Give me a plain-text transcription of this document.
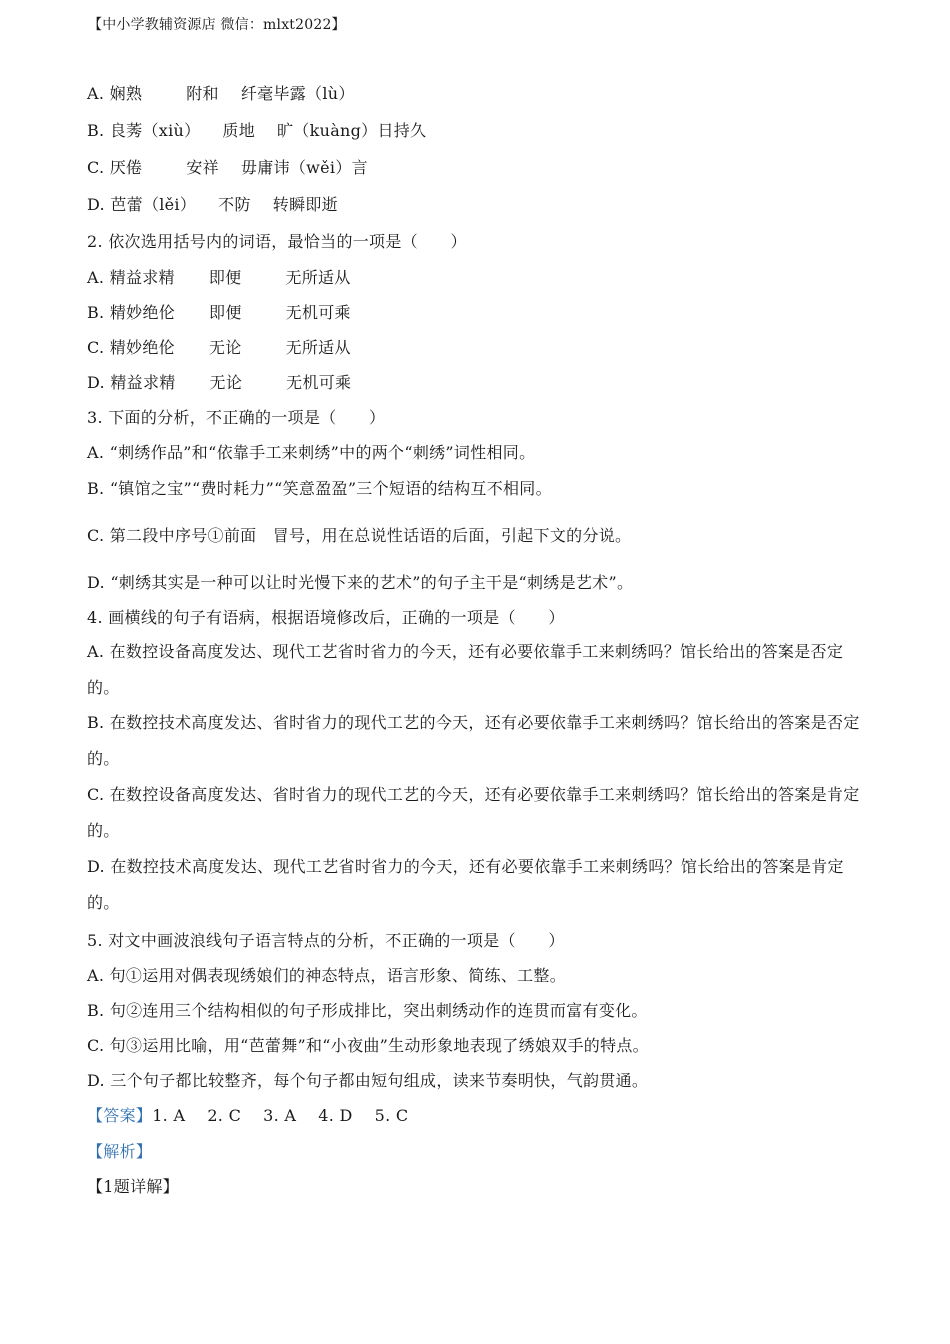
【中小学教辅资源店 微信：mlxt2022】
A. 娴熟	附和 纤毫毕露（lù）
B. 良莠（xiù） 质地 旷（kuàng）日持久
C. 厌倦	安祥 毋庸讳（wěi）言
D. 芭蕾（lěi） 不防 转瞬即逝
2. 依次选用括号内的词语，最恰当的一项是（　　）
A. 精益求精 即便	无所适从
B. 精妙绝伦 即便	无机可乘
C. 精妙绝伦 无论	无所适从
D. 精益求精 无论	无机可乘
3. 下面的分析，不正确的一项是（　　）
A. “刺绣作品”和“依靠手工来刺绣”中的两个“刺绣”词性相同。
B. “镇馆之宝”“费时耗力”“笑意盈盈”三个短语的结构互不相同。
C. 第二段中序号①前面　冒号，用在总说性话语的后面，引起下文的分说。
D. “刺绣其实是一种可以让时光慢下来的艺术”的句子主干是“刺绣是艺术”。
4. 画横线的句子有语病，根据语境修改后，正确的一项是（　　）
A. 在数控设备高度发达、现代工艺省时省力的今天，还有必要依靠手工来刺绣吗？馆长给出的答案是否定的。
B. 在数控技术高度发达、省时省力的现代工艺的今天，还有必要依靠手工来刺绣吗？馆长给出的答案是否定的。
C. 在数控设备高度发达、省时省力的现代工艺的今天，还有必要依靠手工来刺绣吗？馆长给出的答案是肯定的。
D. 在数控技术高度发达、现代工艺省时省力的今天，还有必要依靠手工来刺绣吗？馆长给出的答案是肯定的。
5. 对文中画波浪线句子语言特点的分析，不正确的一项是（　　）
A. 句①运用对偶表现绣娘们的神态特点，语言形象、简练、工整。
B. 句②连用三个结构相似的句子形成排比，突出刺绣动作的连贯而富有变化。
C. 句③运用比喻，用“芭蕾舞”和“小夜曲”生动形象地表现了绣娘双手的特点。
D. 三个句子都比较整齐，每个句子都由短句组成，读来节奏明快，气韵贯通。
【答案】1. A 2. C 3. A 4. D 5. C
【解析】
【1题详解】
